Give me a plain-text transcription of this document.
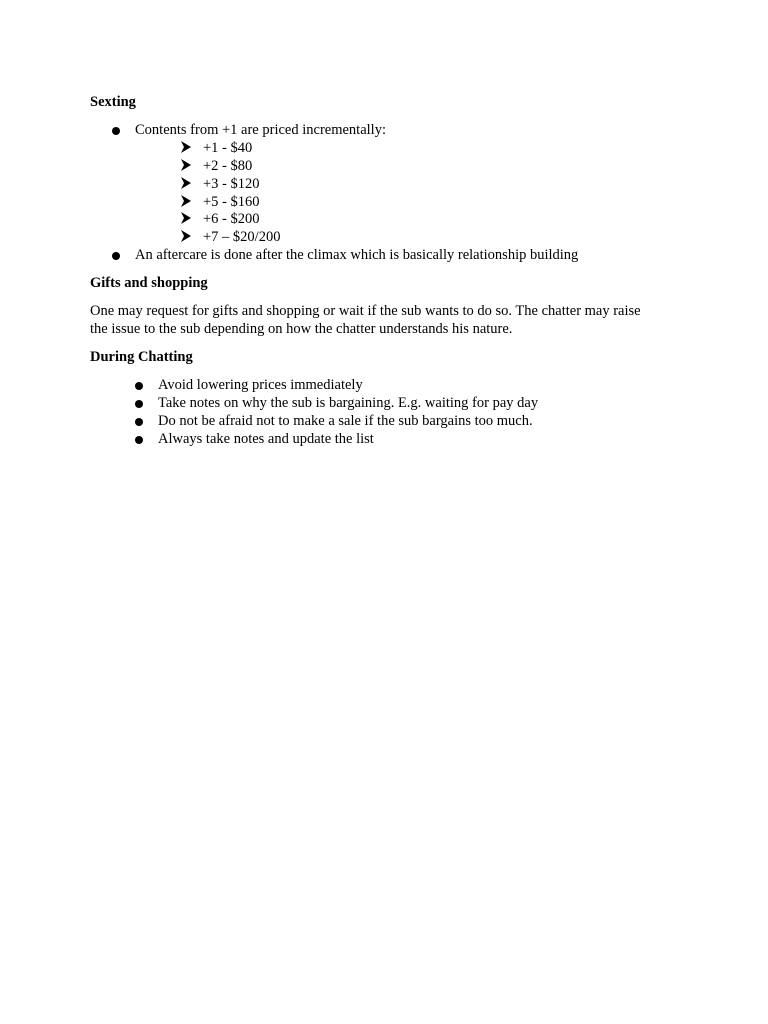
Sexting
Contents from +1 are priced incrementally:
+1 - $40
+2 - $80
+3 - $120
+5 - $160
+6 - $200
+7 – $20/200
An aftercare is done after the climax which is basically relationship building
Gifts and shopping
One may request for gifts and shopping or wait if the sub wants to do so. The chatter may raise
the issue to the sub depending on how the chatter understands his nature.
During Chatting
Avoid lowering prices immediately
Take notes on why the sub is bargaining. E.g. waiting for pay day
Do not be afraid not to make a sale if the sub bargains too much.
Always take notes and update the list
